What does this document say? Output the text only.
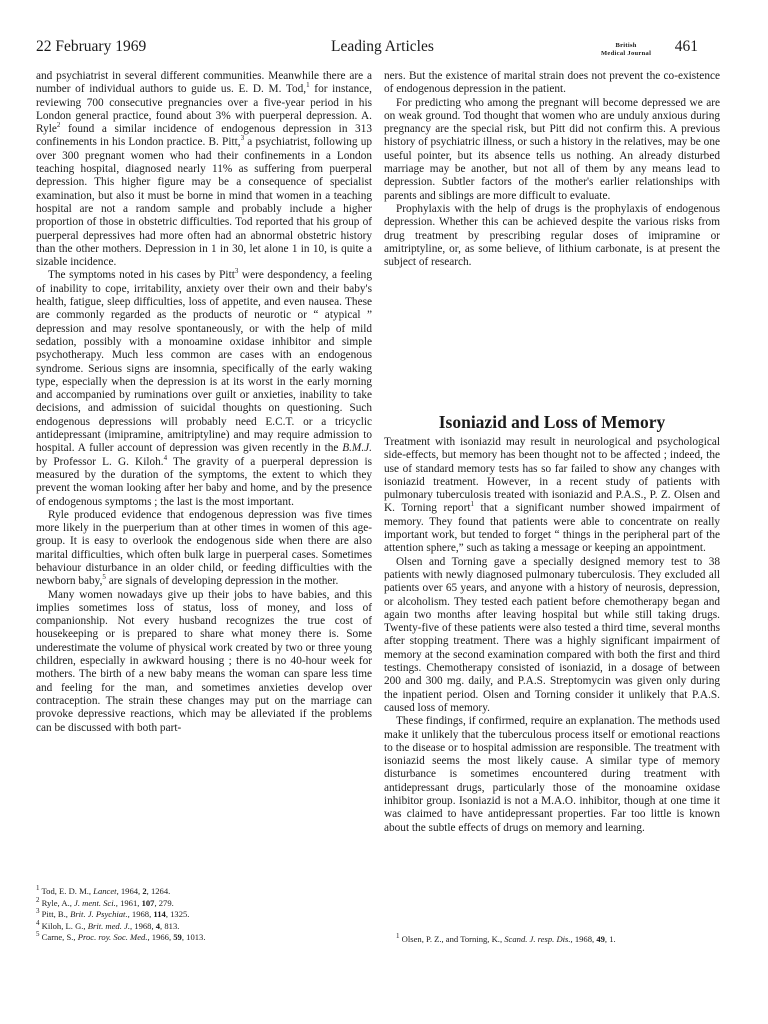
22 February 1969	Leading Articles	British
Medical Journal 461

and psychiatrist in several different communities. Meanwhile there are a number of individual authors to guide us. E. D. M. Tod,$^1$ for instance, reviewing 700 consecutive pregnancies over a five-year period in his London general practice, found about 3% with puerperal depression. A. Ryle$^2$ found a similar incidence of endogenous depression in 313 confinements in his London practice. B. Pitt,$^3$ a psychiatrist, following up over 300 pregnant women who had their confinements in a London teaching hospital, diagnosed nearly 11% as suffering from puerperal depression. This higher figure may be a consequence of specialist examination, but also it must be borne in mind that women in a teaching hospital are not a random sample and probably include a higher proportion of those in obstetric difficulties. Tod reported that his group of puerperal depressives had more often had an abnormal obstetric history than the other mothers. Depression in 1 in 30, let alone 1 in 10, is quite a sizable incidence.

The symptoms noted in his cases by Pitt$^3$ were despondency, a feeling of inability to cope, irritability, anxiety over their own and their baby's health, fatigue, sleep difficulties, loss of appetite, and even nausea. These are commonly regarded as the products of neurotic or “ atypical ” depression and may resolve spontaneously, or with the help of mild sedation, possibly with a monoamine oxidase inhibitor and simple psychotherapy. Much less common are cases with an endogenous syndrome. Serious signs are insomnia, specifically of the early waking type, especially when the depression is at its worst in the early morning and accompanied by ruminations over guilt or anxieties, inability to take decisions, and admission of suicidal thoughts on questioning. Such endogenous depressions will probably need E.C.T. or a tricyclic antidepressant (imipramine, amitriptyline) and may require admission to hospital. A fuller account of depression was given recently in the B.M.J. by Professor L. G. Kiloh.$^4$ The gravity of a puerperal depression is measured by the duration of the symptoms, the extent to which they prevent the woman looking after her baby and home, and by the presence of endogenous symptoms ; the last is the most important.

Ryle produced evidence that endogenous depression was five times more likely in the puerperium than at other times in women of this age-group. It is easy to overlook the endogenous side when there are also marital difficulties, which often bulk large in puerperal cases. Sometimes behaviour disturbance in an older child, or feeding difficulties with the newborn baby,$^5$ are signals of developing depression in the mother.

Many women nowadays give up their jobs to have babies, and this implies sometimes loss of status, loss of money, and loss of companionship. Not every husband recognizes the true cost of housekeeping or is prepared to share what money there is. Some underestimate the volume of physical work created by two or three young children, especially in awkward housing ; there is no 40-hour week for mothers. The birth of a new baby means the woman can spare less time and feeling for the man, and sometimes anxieties develop over contraception. The strain these changes may put on the marriage can provoke depressive reactions, which may be alleviated if the problems can be discussed with both part-

ners. But the existence of marital strain does not prevent the co-existence of endogenous depression in the patient.

For predicting who among the pregnant will become depressed we are on weak ground. Tod thought that women who are unduly anxious during pregnancy are the special risk, but Pitt did not confirm this. A previous history of psychiatric illness, or such a history in the relatives, may be one useful pointer, but its absence tells us nothing. An already disturbed marriage may be another, but not all of them by any means lead to depression. Subtler factors of the mother's earlier relationships with parents and siblings are more difficult to evaluate.

Prophylaxis with the help of drugs is the prophylaxis of endogenous depression. Whether this can be achieved despite the various risks from drug treatment by prescribing regular doses of imipramine or amitriptyline, or, as some believe, of lithium carbonate, is at present the subject of research.

Isoniazid and Loss of Memory

Treatment with isoniazid may result in neurological and psychological side-effects, but memory has been thought not to be affected ; indeed, the use of standard memory tests has so far failed to show any changes with isoniazid treatment. However, in a recent study of patients with pulmonary tuberculosis treated with isoniazid and P.A.S., P. Z. Olsen and K. Torning report$^1$ that a significant number showed impairment of memory. They found that patients were able to concentrate on really important work, but tended to forget “ things in the peripheral part of the attention sphere,” such as taking a message or keeping an appointment.

Olsen and Torning gave a specially designed memory test to 38 patients with newly diagnosed pulmonary tuberculosis. They excluded all patients over 65 years, and anyone with a history of neurosis, depression, or alcoholism. They tested each patient before chemotherapy began and again two months after leaving hospital but while still taking drugs. Twenty-five of these patients were also tested a third time, several months after stopping treatment. There was a highly significant impairment of memory at the second examination compared with both the first and third testings. Chemotherapy consisted of isoniazid, in a dosage of between 200 and 300 mg. daily, and P.A.S. Streptomycin was given only during the inpatient period. Olsen and Torning consider it unlikely that P.A.S. caused loss of memory.

These findings, if confirmed, require an explanation. The methods used make it unlikely that the tuberculous process itself or emotional reactions to the disease or to hospital admission are responsible. The treatment with isoniazid seems the most likely cause. A similar type of memory disturbance is sometimes encountered during treatment with antidepressant drugs, particularly those of the monoamine oxidase inhibitor group. Isoniazid is not a M.A.O. inhibitor, though at one time it was claimed to have antidepressant properties. Far too little is known about the subtle effects of drugs on memory and learning.

$^1$ Tod, E. D. M., Lancet, 1964, 2, 1264.
$^2$ Ryle, A., J. ment. Sci., 1961, 107, 279.
$^3$ Pitt, B., Brit. J. Psychiat., 1968, 114, 1325.
$^4$ Kiloh, L. G., Brit. med. J., 1968, 4, 813.
$^5$ Carne, S., Proc. roy. Soc. Med., 1966, 59, 1013.	$^1$ Olsen, P. Z., and Torning, K., Scand. J. resp. Dis., 1968, 49, 1.
